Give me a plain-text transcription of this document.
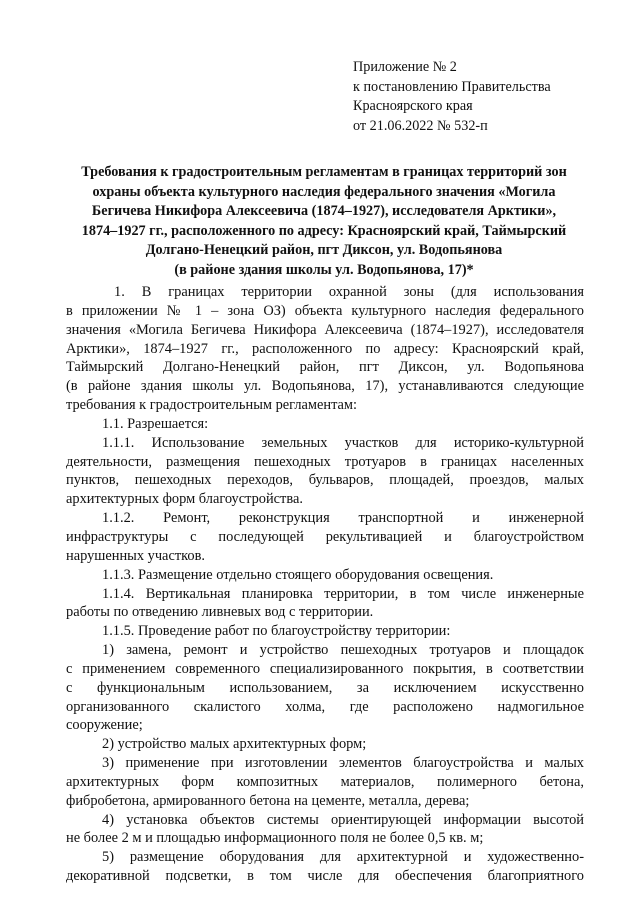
Приложение № 2
к постановлению Правительства
Красноярского края
от 21.06.2022 № 532-п
Требования к градостроительным регламентам в границах территорий зон
охраны объекта культурного наследия федерального значения «Могила
Бегичева Никифора Алексеевича (1874–1927), исследователя Арктики»,
1874–1927 гг., расположенного по адресу: Красноярский край, Таймырский
Долгано-Ненецкий район, пгт Диксон, ул. Водопьянова
(в районе здания школы ул. Водопьянова, 17)*
1. В границах территории охранной зоны (для использования
в приложении № 1 – зона ОЗ) объекта культурного наследия федерального
значения «Могила Бегичева Никифора Алексеевича (1874–1927), исследователя
Арктики», 1874–1927 гг., расположенного по адресу: Красноярский край,
Таймырский Долгано-Ненецкий район, пгт Диксон, ул. Водопьянова
(в районе здания школы ул. Водопьянова, 17), устанавливаются следующие
требования к градостроительным регламентам:
1.1. Разрешается:
1.1.1. Использование земельных участков для историко-культурной
деятельности, размещения пешеходных тротуаров в границах населенных
пунктов, пешеходных переходов, бульваров, площадей, проездов, малых
архитектурных форм благоустройства.
1.1.2. Ремонт, реконструкция транспортной и инженерной
инфраструктуры с последующей рекультивацией и благоустройством
нарушенных участков.
1.1.3. Размещение отдельно стоящего оборудования освещения.
1.1.4. Вертикальная планировка территории, в том числе инженерные
работы по отведению ливневых вод с территории.
1.1.5. Проведение работ по благоустройству территории:
1) замена, ремонт и устройство пешеходных тротуаров и площадок
с применением современного специализированного покрытия, в соответствии
с функциональным использованием, за исключением искусственно
организованного скалистого холма, где расположено надмогильное
сооружение;
2) устройство малых архитектурных форм;
3) применение при изготовлении элементов благоустройства и малых
архитектурных форм композитных материалов, полимерного бетона,
фибробетона, армированного бетона на цементе, металла, дерева;
4) установка объектов системы ориентирующей информации высотой
не более 2 м и площадью информационного поля не более 0,5 кв. м;
5) размещение оборудования для архитектурной и художественно-
декоративной подсветки, в том числе для обеспечения благоприятного
